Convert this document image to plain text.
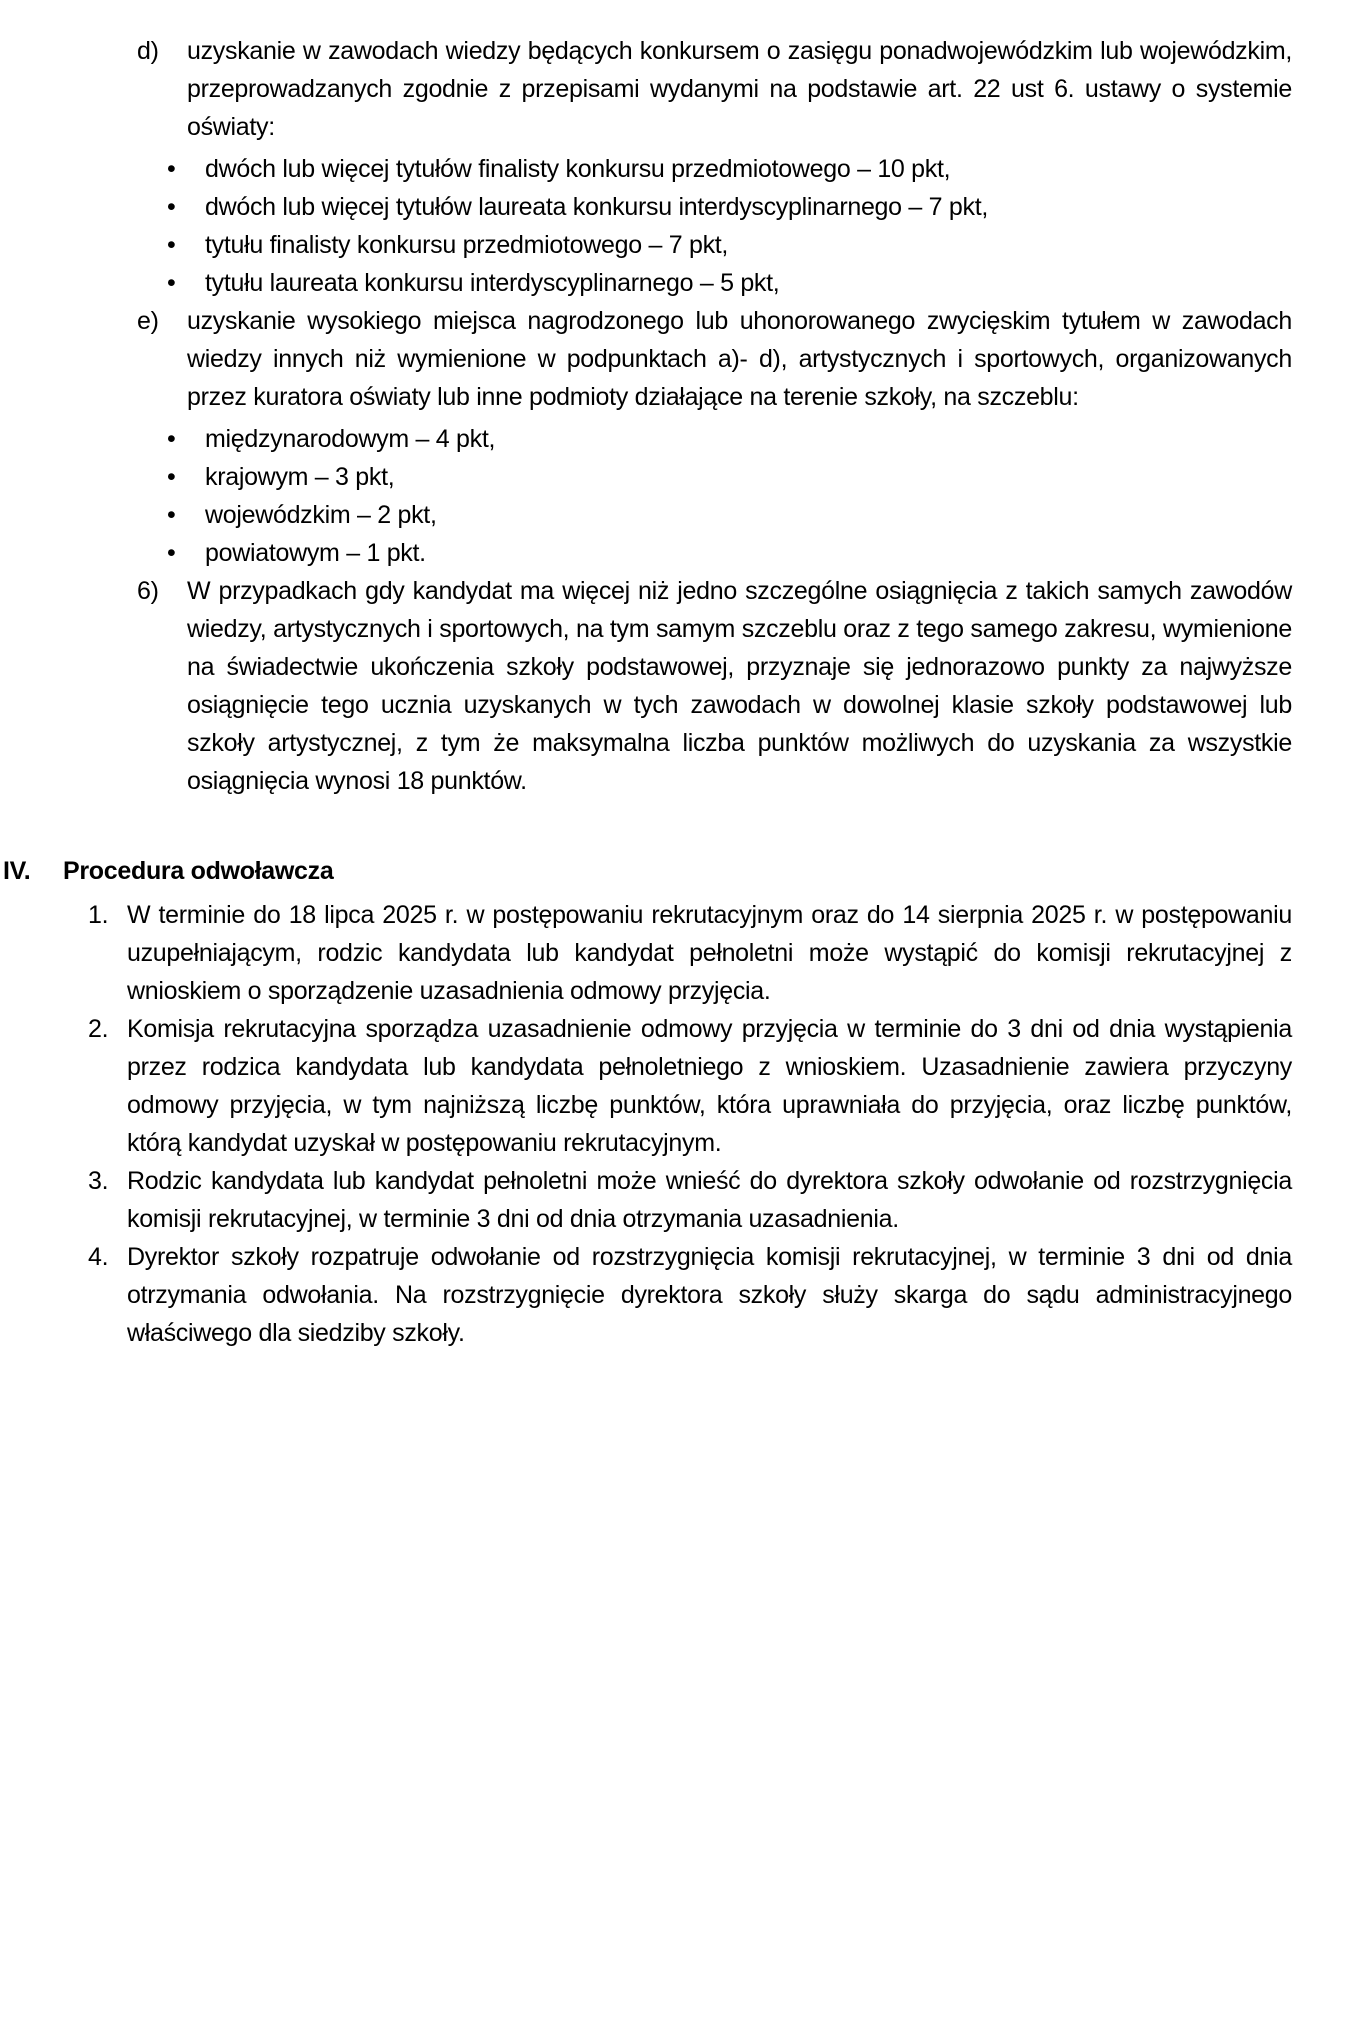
d)	uzyskanie w zawodach wiedzy będących konkursem o zasięgu ponadwojewódzkim lub wojewódzkim, przeprowadzanych zgodnie z przepisami wydanymi na podstawie art. 22 ust 6. ustawy o systemie oświaty:

•	dwóch lub więcej tytułów finalisty konkursu przedmiotowego – 10 pkt,
•	dwóch lub więcej tytułów laureata konkursu interdyscyplinarnego – 7 pkt,
•	tytułu finalisty konkursu przedmiotowego – 7 pkt,
•	tytułu laureata konkursu interdyscyplinarnego – 5 pkt,
e)	uzyskanie wysokiego miejsca nagrodzonego lub uhonorowanego zwycięskim tytułem w zawodach wiedzy innych niż wymienione w podpunktach a)- d), artystycznych i sportowych, organizowanych przez kuratora oświaty lub inne podmioty działające na terenie szkoły, na szczeblu:

•	międzynarodowym – 4 pkt,
•	krajowym – 3 pkt,
•	wojewódzkim – 2 pkt,
•	powiatowym – 1 pkt.
6)	W przypadkach gdy kandydat ma więcej niż jedno szczególne osiągnięcia z takich samych zawodów wiedzy, artystycznych i sportowych, na tym samym szczeblu oraz z tego samego zakresu, wymienione na świadectwie ukończenia szkoły podstawowej, przyznaje się jednorazowo punkty za najwyższe osiągnięcie tego ucznia uzyskanych w tych zawodach w dowolnej klasie szkoły podstawowej lub szkoły artystycznej, z tym że maksymalna liczba punktów możliwych do uzyskania za wszystkie osiągnięcia wynosi 18 punktów.

IV.	Procedura odwoławcza
1. W terminie do 18 lipca 2025 r. w postępowaniu rekrutacyjnym oraz do 14 sierpnia 2025 r. w postępowaniu uzupełniającym, rodzic kandydata lub kandydat pełnoletni może wystąpić do komisji rekrutacyjnej z wnioskiem o sporządzenie uzasadnienia odmowy przyjęcia.

2. Komisja rekrutacyjna sporządza uzasadnienie odmowy przyjęcia w terminie do 3 dni od dnia wystąpienia przez rodzica kandydata lub kandydata pełnoletniego z wnioskiem. Uzasadnienie zawiera przyczyny odmowy przyjęcia, w tym najniższą liczbę punktów, która uprawniała do przyjęcia, oraz liczbę punktów, którą kandydat uzyskał w postępowaniu rekrutacyjnym.

3. Rodzic kandydata lub kandydat pełnoletni może wnieść do dyrektora szkoły odwołanie od rozstrzygnięcia komisji rekrutacyjnej, w terminie 3 dni od dnia otrzymania uzasadnienia.

4. Dyrektor szkoły rozpatruje odwołanie od rozstrzygnięcia komisji rekrutacyjnej, w terminie 3 dni od dnia otrzymania odwołania. Na rozstrzygnięcie dyrektora szkoły służy skarga do sądu administracyjnego właściwego dla siedziby szkoły.
